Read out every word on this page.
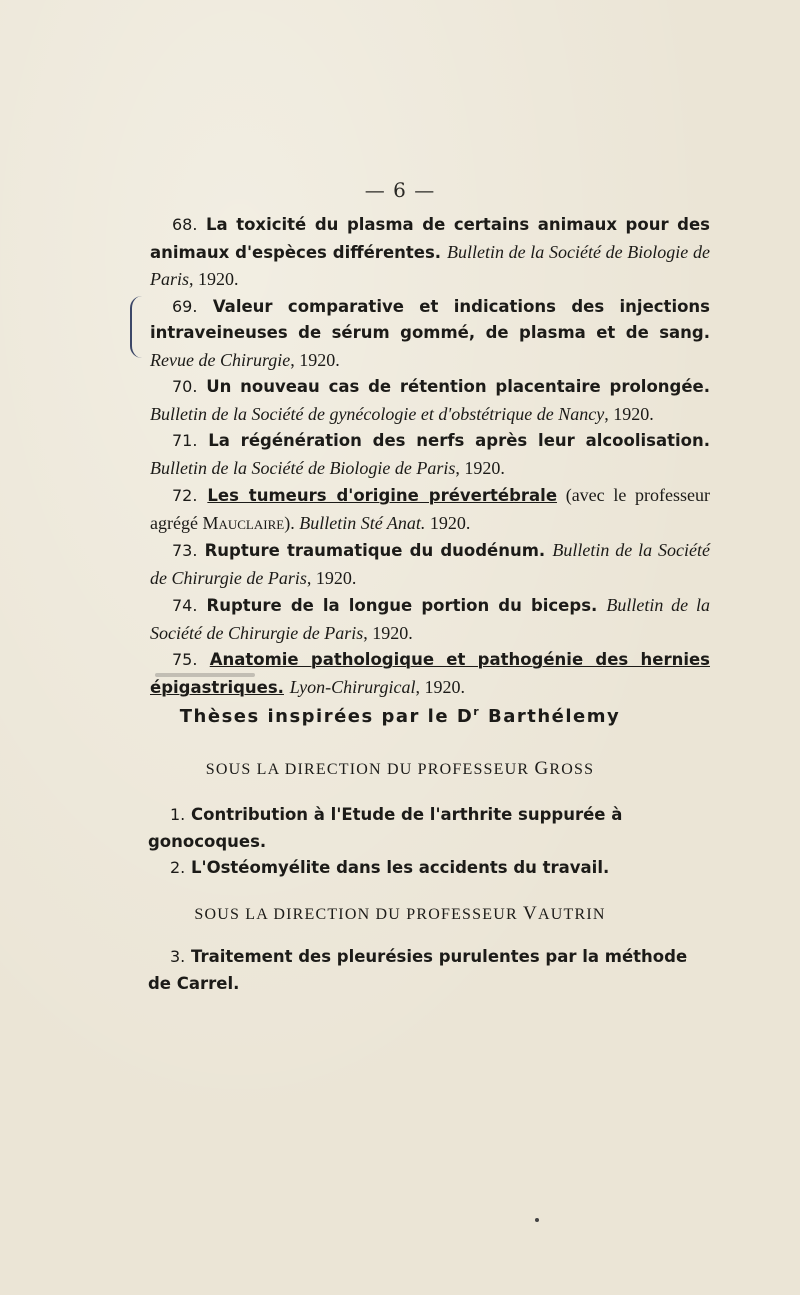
— 6 —

68. La toxicité du plasma de certains animaux pour des animaux d'espèces différentes. Bulletin de la Société de Biologie de Paris, 1920.

69. Valeur comparative et indications des injections intraveineuses de sérum gommé, de plasma et de sang. Revue de Chirurgie, 1920.

70. Un nouveau cas de rétention placentaire prolongée. Bulletin de la Société de gynécologie et d'obstétrique de Nancy, 1920.

71. La régénération des nerfs après leur alcoolisation. Bulletin de la Société de Biologie de Paris, 1920.

72. Les tumeurs d'origine prévertébrale (avec le professeur agrégé Mauclaire). Bulletin Sté Anat. 1920.

73. Rupture traumatique du duodénum. Bulletin de la Société de Chirurgie de Paris, 1920.

74. Rupture de la longue portion du biceps. Bulletin de la Société de Chirurgie de Paris, 1920.

75. Anatomie pathologique et pathogénie des hernies épigastriques. Lyon-Chirurgical, 1920.

Thèses inspirées par le $D^r$ Barthélemy
SOUS LA DIRECTION DU PROFESSEUR GROSS

1. Contribution à l'Etude de l'arthrite suppurée à gonocoques.

2. L'Ostéomyélite dans les accidents du travail.

SOUS LA DIRECTION DU PROFESSEUR VAUTRIN

3. Traitement des pleurésies purulentes par la méthode de Carrel.
